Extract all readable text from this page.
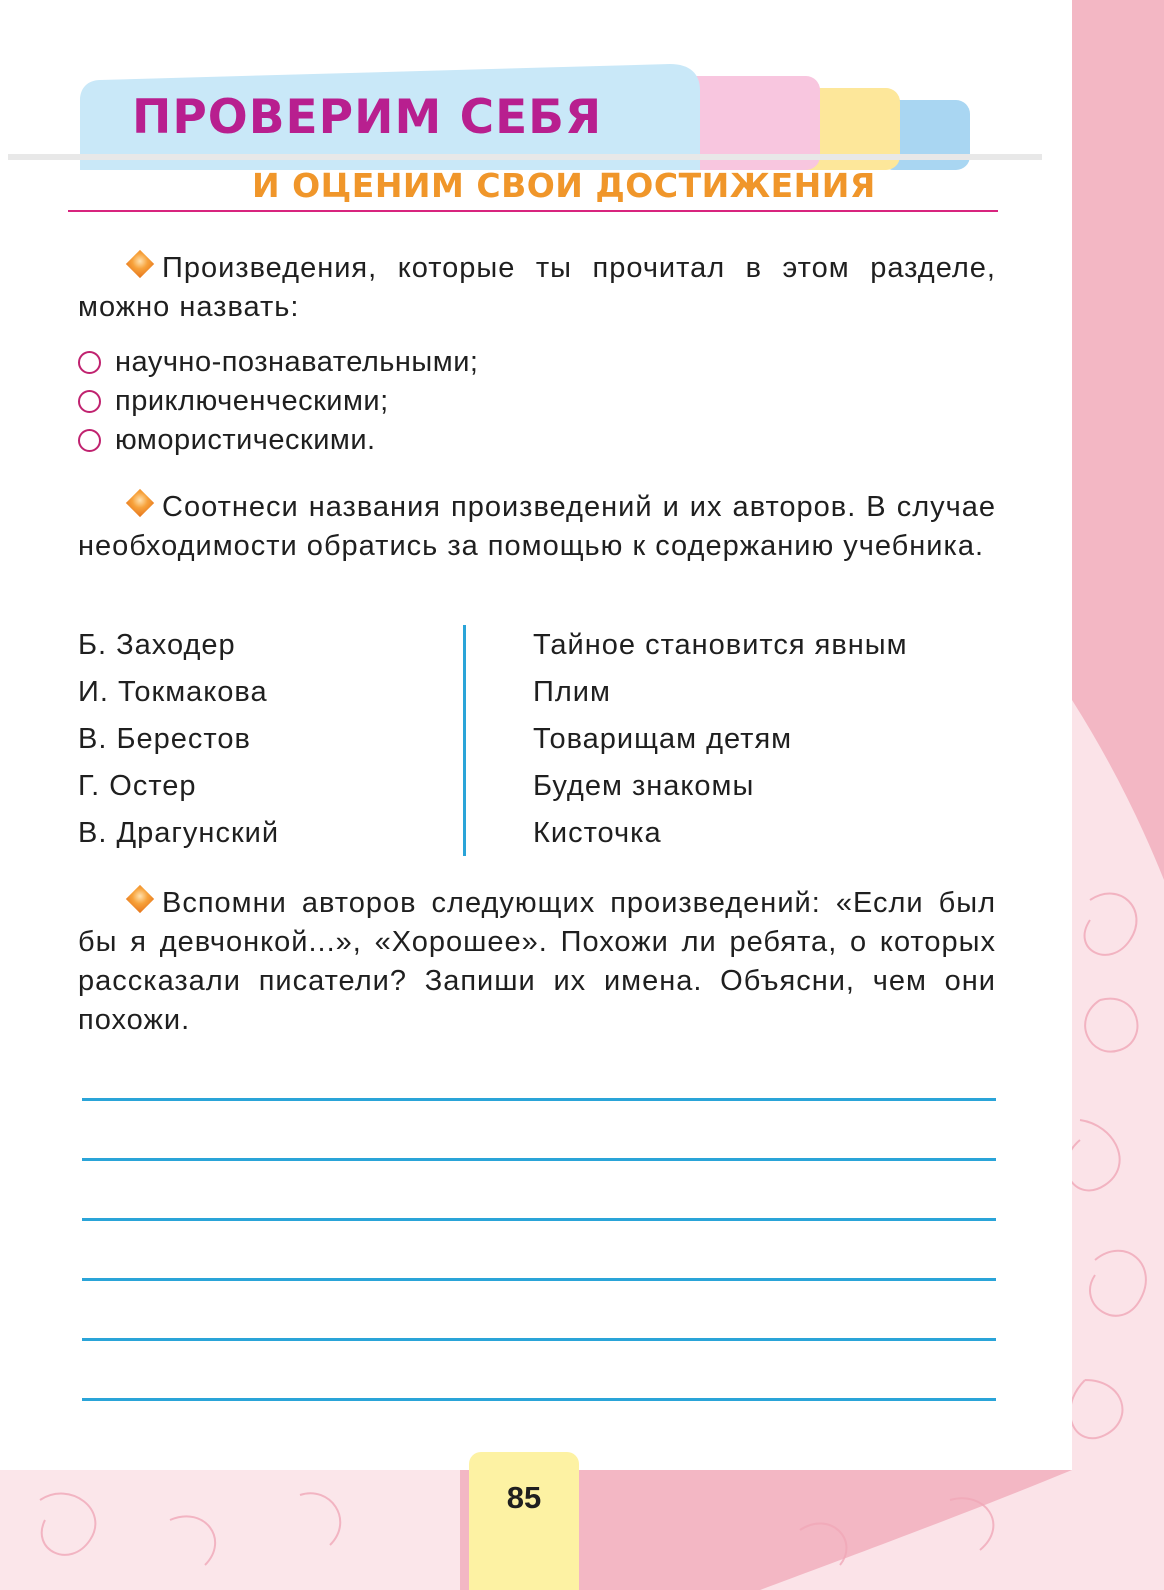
ПРОВЕРИМ СЕБЯ
И ОЦЕНИМ СВОИ ДОСТИЖЕНИЯ

Произведения, которые ты прочитал в этом разделе, можно назвать:

научно-познавательными;
приключенческими;
юмористическими.

Соотнеси названия произведений и их авторов. В случае необходимости обратись за помощью к содержанию учебника.

Б. Заходер
И. Токмакова
В. Берестов
Г. Остер
В. Драгунский
Тайное становится явным
Плим
Товарищам детям
Будем знакомы
Кисточка

Вспомни авторов следующих произведений: «Если был бы я девчонкой...», «Хорошее». Похожи ли ребята, о которых рассказали писатели? Запиши их имена. Объясни, чем они похожи.

85
